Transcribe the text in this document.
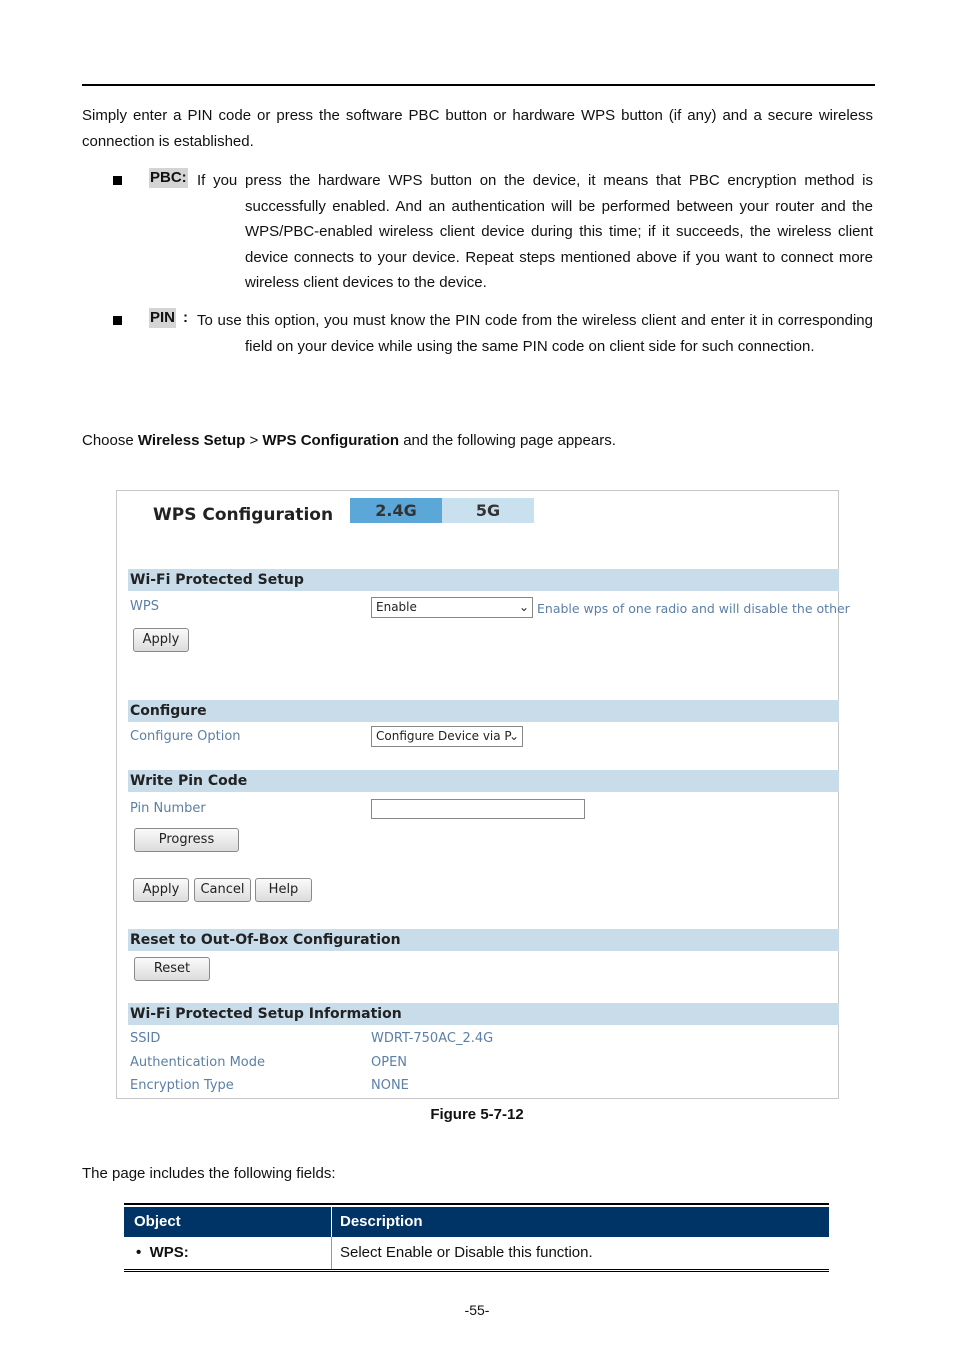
Simply enter a PIN code or press the software PBC button or hardware WPS button (if any) and a secure wireless connection is established.

PBC: If you press the hardware WPS button on the device, it means that PBC encryption method is successfully enabled. And an authentication will be performed between your router and the WPS/PBC-enabled wireless client device during this time; if it succeeds, the wireless client device connects to your device. Repeat steps mentioned above if you want to connect more wireless client devices to the device.

PIN : To use this option, you must know the PIN code from the wireless client and enter it in corresponding field on your device while using the same PIN code on client side for such connection.

Choose Wireless Setup > WPS Configuration and the following page appears.

WPS Configuration	2.4G	5G
Wi-Fi Protected Setup
WPS	Enable	⌄ Enable wps of one radio and will disable the other
Apply
Configure
Configure Option	Configure Device via P
⌄
Write Pin Code
Pin Number
Progress
Apply	Cancel	Help
Reset to Out-Of-Box Configuration
Reset
Wi-Fi Protected Setup Information
SSID	WDRT-750AC_2.4G
Authentication Mode	OPEN
Encryption Type	NONE
Figure 5-7-12

The page includes the following fields:

Object	Description
•  WPS:	Select Enable or Disable this function.
-55-
